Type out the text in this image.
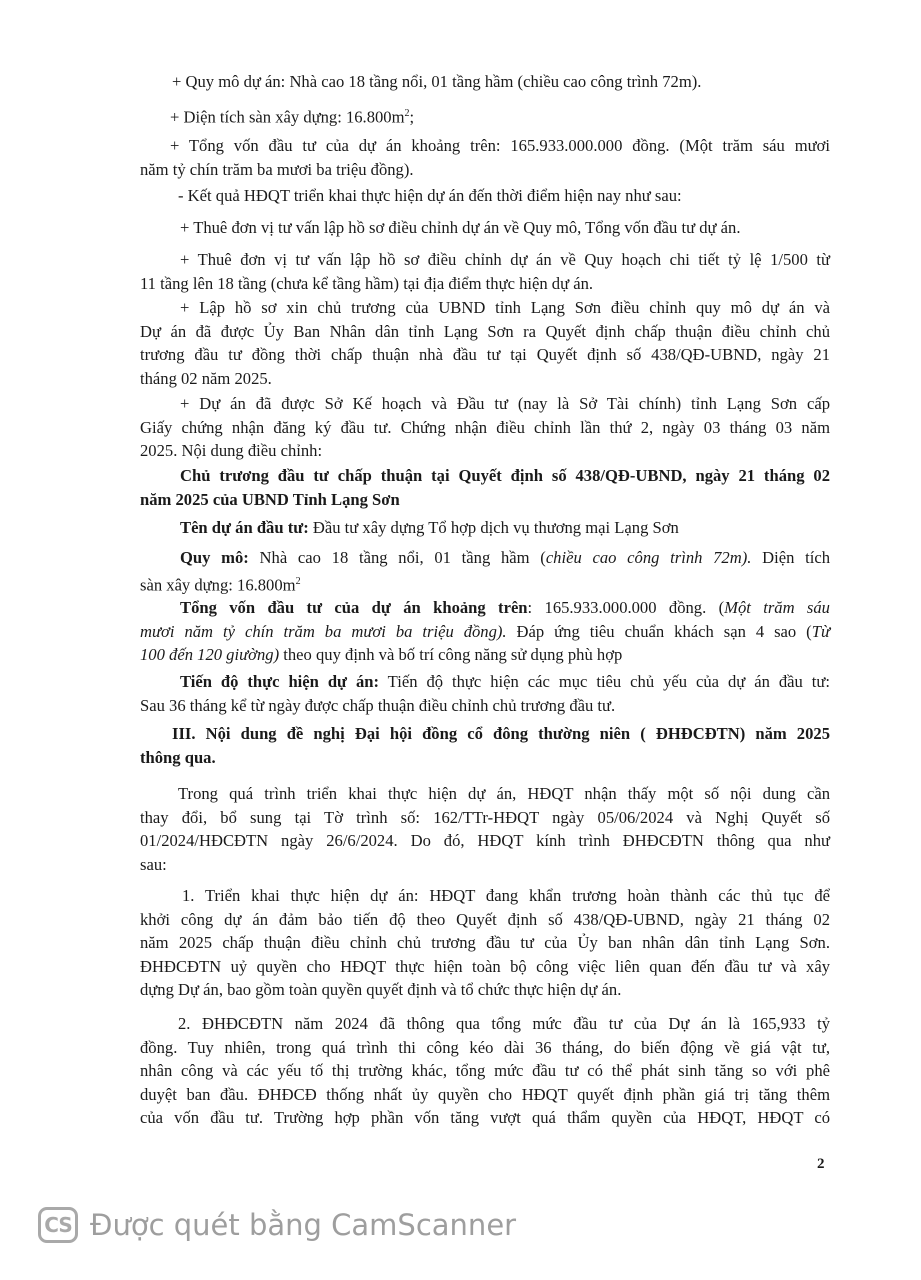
+ Quy mô dự án: Nhà cao 18 tầng nổi, 01 tầng hầm (chiều cao công trình 72m).

+ Diện tích sàn xây dựng: $16.800m^2$;

+ Tổng vốn đầu tư của dự án khoảng trên: 165.933.000.000 đồng. (Một trăm sáu mươi
năm tỷ chín trăm ba mươi ba triệu đồng).

- Kết quả HĐQT triển khai thực hiện dự án đến thời điểm hiện nay như sau:

+ Thuê đơn vị tư vấn lập hồ sơ điều chỉnh dự án về Quy mô, Tổng vốn đầu tư dự án.

+ Thuê đơn vị tư vấn lập hồ sơ điều chỉnh dự án về Quy hoạch chi tiết tỷ lệ 1/500 từ
11 tầng lên 18 tầng (chưa kể tầng hầm) tại địa điểm thực hiện dự án.

+ Lập hồ sơ xin chủ trương của UBND tỉnh Lạng Sơn điều chỉnh quy mô dự án và
Dự án đã được Ủy Ban Nhân dân tỉnh Lạng Sơn ra Quyết định chấp thuận điều chỉnh chủ
trương đầu tư đồng thời chấp thuận nhà đầu tư tại Quyết định số 438/QĐ-UBND, ngày 21
tháng 02 năm 2025.

+ Dự án đã được Sở Kế hoạch và Đầu tư (nay là Sở Tài chính) tỉnh Lạng Sơn cấp
Giấy chứng nhận đăng ký đầu tư. Chứng nhận điều chỉnh lần thứ 2, ngày 03 tháng 03 năm
2025. Nội dung điều chỉnh:

Chủ trương đầu tư chấp thuận tại Quyết định số 438/QĐ-UBND, ngày 21 tháng 02
năm 2025 của UBND Tỉnh Lạng Sơn

Tên dự án đầu tư: Đầu tư xây dựng Tổ hợp dịch vụ thương mại Lạng Sơn

Quy mô: Nhà cao 18 tầng nổi, 01 tầng hầm (chiều cao công trình 72m). Diện tích
sàn xây dựng: $16.800m^2$

Tổng vốn đầu tư của dự án khoảng trên: 165.933.000.000 đồng. (Một trăm sáu
mươi năm tỷ chín trăm ba mươi ba triệu đồng). Đáp ứng tiêu chuẩn khách sạn 4 sao (Từ
100 đến 120 giường) theo quy định và bố trí công năng sử dụng phù hợp

Tiến độ thực hiện dự án: Tiến độ thực hiện các mục tiêu chủ yếu của dự án đầu tư:
Sau 36 tháng kể từ ngày được chấp thuận điều chỉnh chủ trương đầu tư.

III. Nội dung đề nghị Đại hội đồng cổ đông thường niên ( ĐHĐCĐTN) năm 2025
thông qua.

Trong quá trình triển khai thực hiện dự án, HĐQT nhận thấy một số nội dung cần
thay đổi, bổ sung tại Tờ trình số: 162/TTr-HĐQT ngày 05/06/2024 và Nghị Quyết số
01/2024/HĐCĐTN ngày 26/6/2024. Do đó, HĐQT kính trình ĐHĐCĐTN thông qua như
sau:

1. Triển khai thực hiện dự án: HĐQT đang khẩn trương hoàn thành các thủ tục để
khởi công dự án đảm bảo tiến độ theo Quyết định số 438/QĐ-UBND, ngày 21 tháng 02
năm 2025 chấp thuận điều chỉnh chủ trương đầu tư của Ủy ban nhân dân tỉnh Lạng Sơn.
ĐHĐCĐTN uỷ quyền cho HĐQT thực hiện toàn bộ công việc liên quan đến đầu tư và xây
dựng Dự án, bao gồm toàn quyền quyết định và tổ chức thực hiện dự án.

2. ĐHĐCĐTN năm 2024 đã thông qua tổng mức đầu tư của Dự án là 165,933 tỷ
đồng. Tuy nhiên, trong quá trình thi công kéo dài 36 tháng, do biến động về giá vật tư,
nhân công và các yếu tố thị trường khác, tổng mức đầu tư có thể phát sinh tăng so với phê
duyệt ban đầu. ĐHĐCĐ thống nhất ủy quyền cho HĐQT quyết định phần giá trị tăng thêm
của vốn đầu tư. Trường hợp phần vốn tăng vượt quá thẩm quyền của HĐQT, HĐQT có

2
CS Được quét bằng CamScanner
